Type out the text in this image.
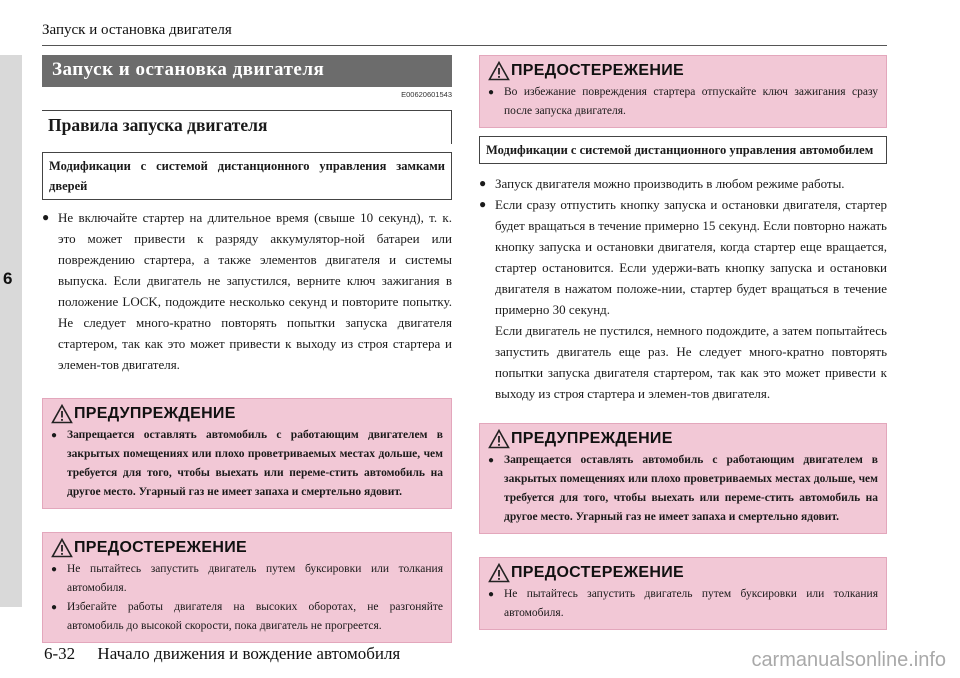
6
Запуск и остановка двигателя
Запуск и остановка двигателя
E00620601543
Правила запуска двигателя
Модификации с системой дистанционного управления замками дверей
● Не включайте стартер на длительное время (свыше 10 секунд), т. к. это может привести к разряду аккумулятор-ной батареи или повреждению стартера, а также элементов двигателя и системы выпуска. Если двигатель не запустился, верните ключ зажигания в положение LOCK, подождите несколько секунд и повторите попытку. Не следует много-кратно повторять попытки запуска двигателя стартером, так как это может привести к выходу из строя стартера и элемен-тов двигателя.
ПРЕДУПРЕЖДЕНИЕ
● Запрещается оставлять автомобиль с работающим двигателем в закрытых помещениях или плохо проветриваемых местах дольше, чем требуется для того, чтобы выехать или переме-стить автомобиль на другое место. Угарный газ не имеет запаха и смертельно ядовит.
ПРЕДОСТЕРЕЖЕНИЕ
● Не пытайтесь запустить двигатель путем буксировки или толкания автомобиля.
● Избегайте работы двигателя на высоких оборотах, не разгоняйте автомобиль до высокой скорости, пока двигатель не прогреется.
ПРЕДОСТЕРЕЖЕНИЕ
● Во избежание повреждения стартера отпускайте ключ зажигания сразу после запуска двигателя.
Модификации с системой дистанционного управления автомобилем
● Запуск двигателя можно производить в любом режиме работы.
● Если сразу отпустить кнопку запуска и остановки двигателя, стартер будет вращаться в течение примерно 15 секунд. Если повторно нажать кнопку запуска и остановки двигателя, когда стартер еще вращается, стартер остановится. Если удержи-вать кнопку запуска и остановки двигателя в нажатом положе-нии, стартер будет вращаться в течение примерно 30 секунд.
Если двигатель не пустился, немного подождите, а затем попытайтесь запустить двигатель еще раз. Не следует много-кратно повторять попытки запуска двигателя стартером, так как это может привести к выходу из строя стартера и элемен-тов двигателя.
ПРЕДУПРЕЖДЕНИЕ
● Запрещается оставлять автомобиль с работающим двигателем в закрытых помещениях или плохо проветриваемых местах дольше, чем требуется для того, чтобы выехать или переме-стить автомобиль на другое место. Угарный газ не имеет запаха и смертельно ядовит.
ПРЕДОСТЕРЕЖЕНИЕ
● Не пытайтесь запустить двигатель путем буксировки или толкания автомобиля.
6-32 Начало движения и вождение автомобиля	carmanualsonline.info
